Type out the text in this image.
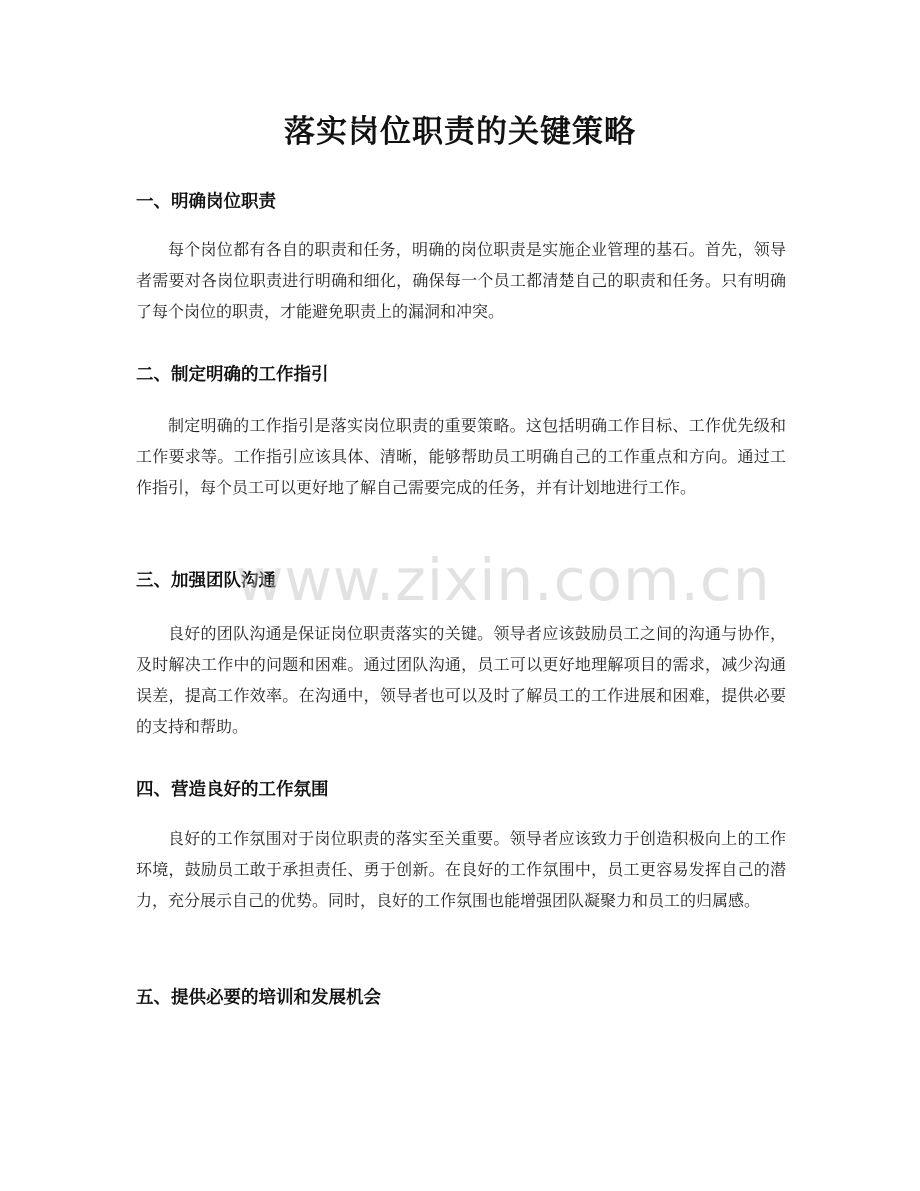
落实岗位职责的关键策略
一、明确岗位职责

每个岗位都有各自的职责和任务，明确的岗位职责是实施企业管理的基石。首先，领导者需要对各岗位职责进行明确和细化，确保每一个员工都清楚自己的职责和任务。只有明确了每个岗位的职责，才能避免职责上的漏洞和冲突。

二、制定明确的工作指引

制定明确的工作指引是落实岗位职责的重要策略。这包括明确工作目标、工作优先级和工作要求等。工作指引应该具体、清晰，能够帮助员工明确自己的工作重点和方向。通过工作指引，每个员工可以更好地了解自己需要完成的任务，并有计划地进行工作。

三、加强团队沟通

良好的团队沟通是保证岗位职责落实的关键。领导者应该鼓励员工之间的沟通与协作，及时解决工作中的问题和困难。通过团队沟通，员工可以更好地理解项目的需求，减少沟通误差，提高工作效率。在沟通中，领导者也可以及时了解员工的工作进展和困难，提供必要的支持和帮助。

四、营造良好的工作氛围

良好的工作氛围对于岗位职责的落实至关重要。领导者应该致力于创造积极向上的工作环境，鼓励员工敢于承担责任、勇于创新。在良好的工作氛围中，员工更容易发挥自己的潜力，充分展示自己的优势。同时，良好的工作氛围也能增强团队凝聚力和员工的归属感。

五、提供必要的培训和发展机会
www.zixin.com.cn
